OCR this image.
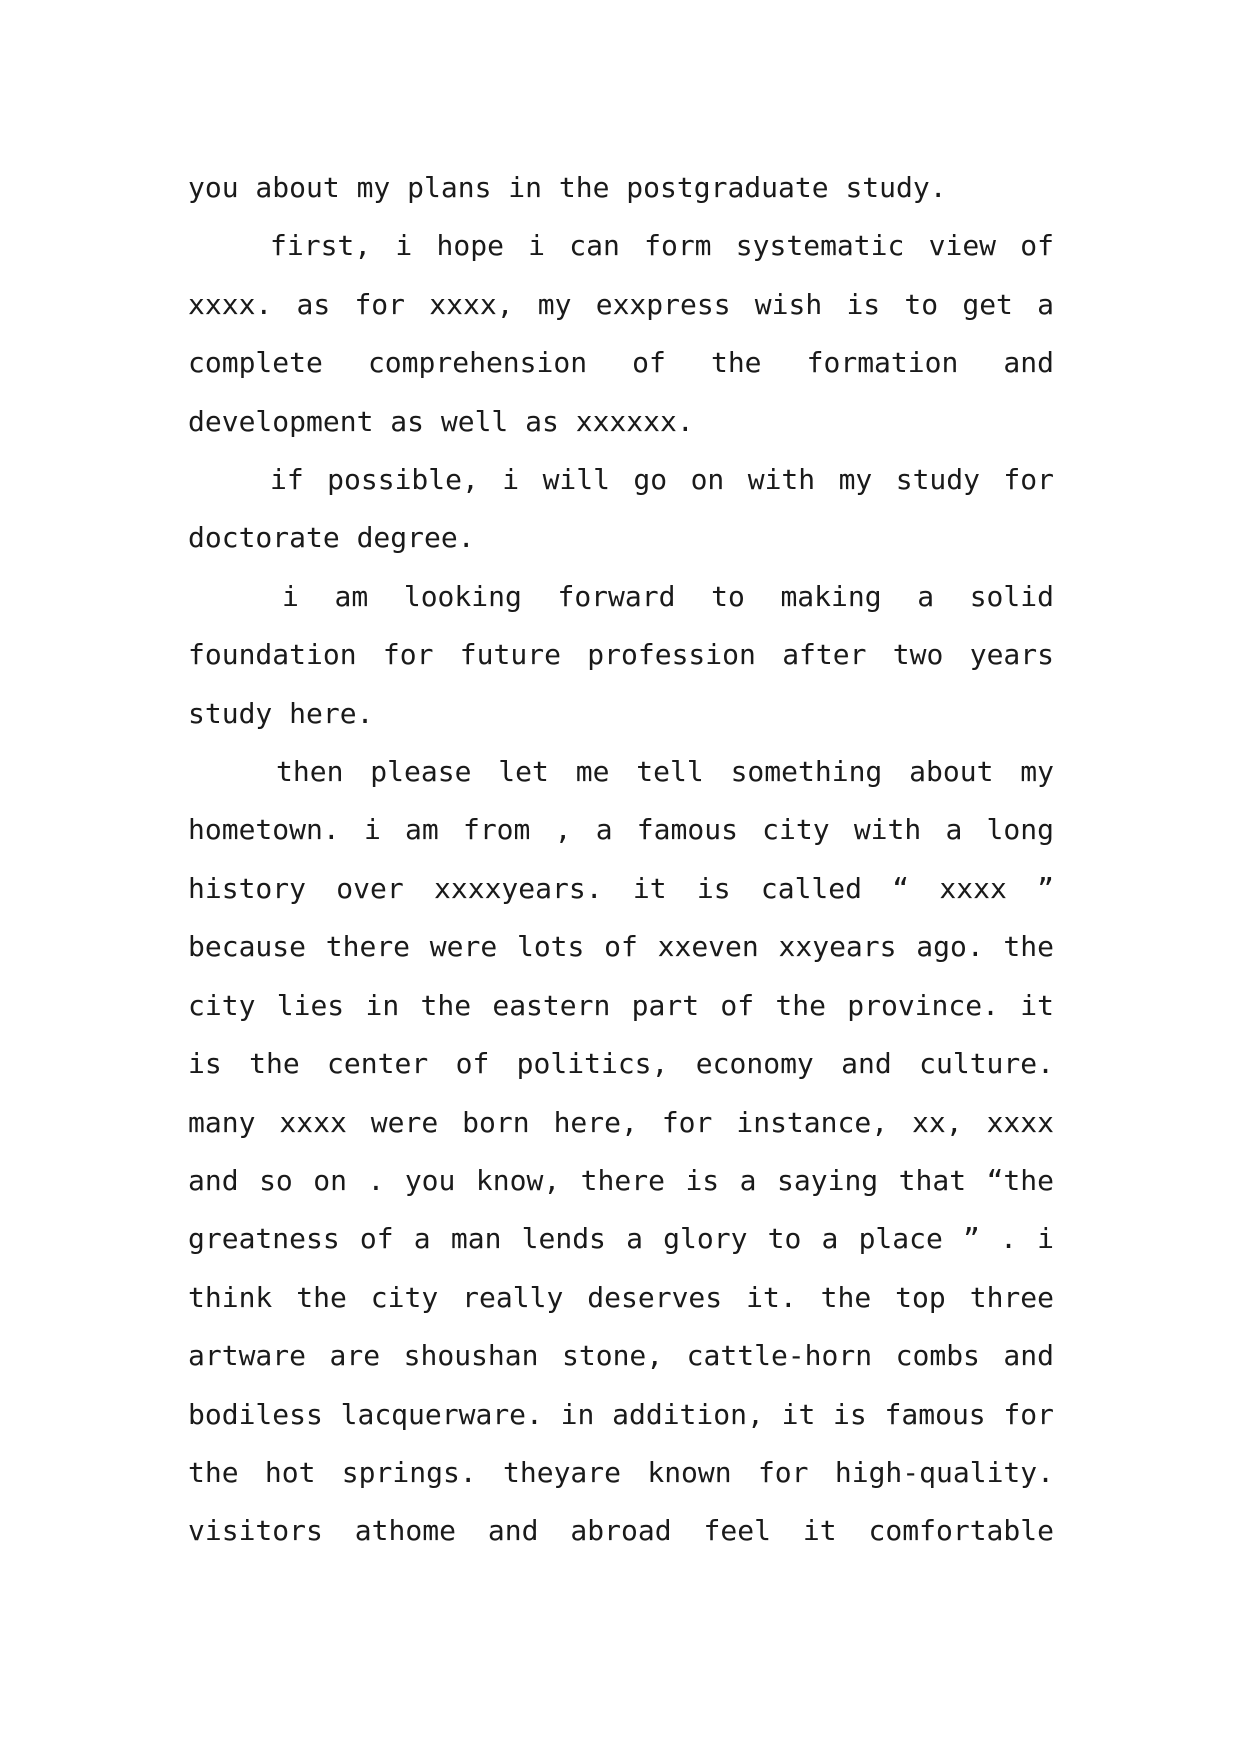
you about my plans in the postgraduate study.

first, i hope i can form systematic view of xxxx. as for xxxx, my exxpress wish is to get a complete comprehension of the formation and development as well as xxxxxx.

if possible, i will go on with my study for doctorate degree.

i am looking forward to making a solid foundation for future profession after two years study here.

then please let me tell something about my hometown. i am from , a famous city with a long history over xxxxyears. it is called “ xxxx ” because there were lots of xxeven xxyears ago. the city lies in the eastern part of the province. it is the center of politics, economy and culture. many xxxx were born here, for instance, xx, xxxx and so on . you know, there is a saying that “the greatness of a man lends a glory to a place ” . i think the city really deserves it. the top three artware are shoushan stone, cattle-horn combs and bodiless lacquerware. in addition, it is famous for the hot springs. theyare known for high-quality. visitors athome and abroad feel it comfortable
